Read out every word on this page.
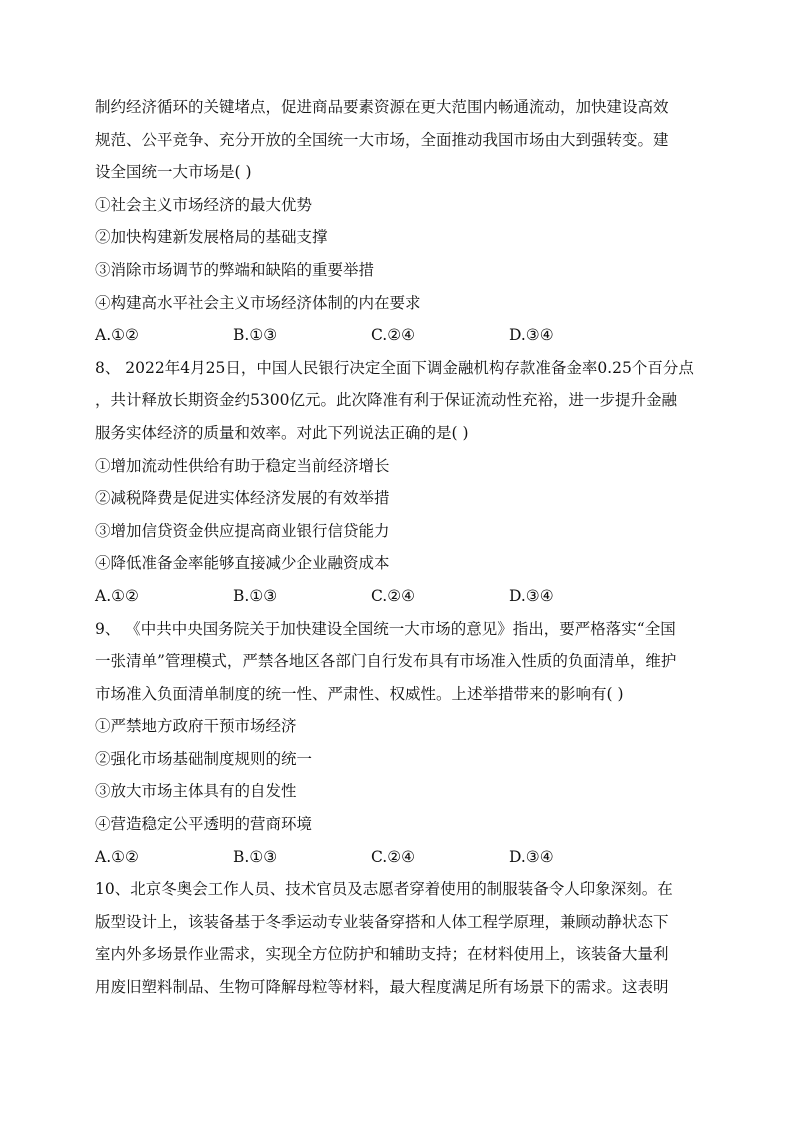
制约经济循环的关键堵点，促进商品要素资源在更大范围内畅通流动，加快建设高效
规范、公平竞争、充分开放的全国统一大市场，全面推动我国市场由大到强转变。建
设全国统一大市场是( )
①社会主义市场经济的最大优势
②加快构建新发展格局的基础支撑
③消除市场调节的弊端和缺陷的重要举措
④构建高水平社会主义市场经济体制的内在要求
A.①②	B.①③	C.②④	D.③④
8、 2022年4月25日，中国人民银行决定全面下调金融机构存款准备金率0.25个百分点
，共计释放长期资金约5300亿元。此次降准有利于保证流动性充裕，进一步提升金融
服务实体经济的质量和效率。对此下列说法正确的是( )
①增加流动性供给有助于稳定当前经济增长
②减税降费是促进实体经济发展的有效举措
③增加信贷资金供应提高商业银行信贷能力
④降低准备金率能够直接减少企业融资成本
A.①②	B.①③	C.②④	D.③④
9、 《中共中央国务院关于加快建设全国统一大市场的意见》指出，要严格落实“全国
一张清单”管理模式，严禁各地区各部门自行发布具有市场准入性质的负面清单，维护
市场准入负面清单制度的统一性、严肃性、权威性。上述举措带来的影响有( )
①严禁地方政府干预市场经济
②强化市场基础制度规则的统一
③放大市场主体具有的自发性
④营造稳定公平透明的营商环境
A.①②	B.①③	C.②④	D.③④
10、北京冬奥会工作人员、技术官员及志愿者穿着使用的制服装备令人印象深刻。在
版型设计上，该装备基于冬季运动专业装备穿搭和人体工程学原理，兼顾动静状态下
室内外多场景作业需求，实现全方位防护和辅助支持；在材料使用上，该装备大量利
用废旧塑料制品、生物可降解母粒等材料，最大程度满足所有场景下的需求。这表明
